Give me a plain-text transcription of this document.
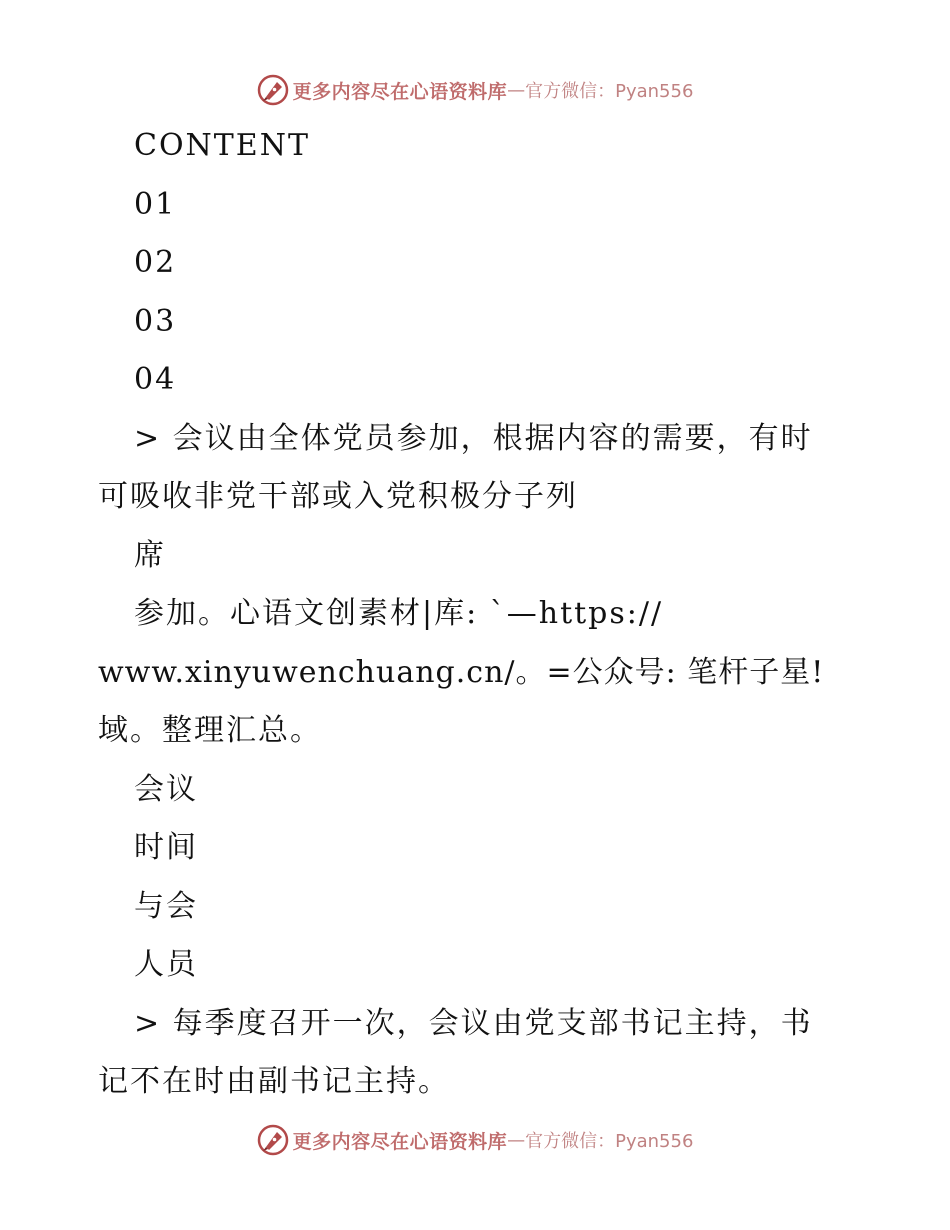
更多内容尽在心语资料库 — 官方微信：Pyan556
CONTENT
01
02
03
04
> 会议由全体党员参加，根据内容的需要，有时
可吸收非党干部或入党积极分子列
席
参加。心语文创素材|库: `—https://
www.xinyuwenchuang.cn/。=公众号: 笔杆子星!
域。整理汇总。
会议
时间
与会
人员
> 每季度召开一次，会议由党支部书记主持，书
记不在时由副书记主持。
更多内容尽在心语资料库 — 官方微信：Pyan556
